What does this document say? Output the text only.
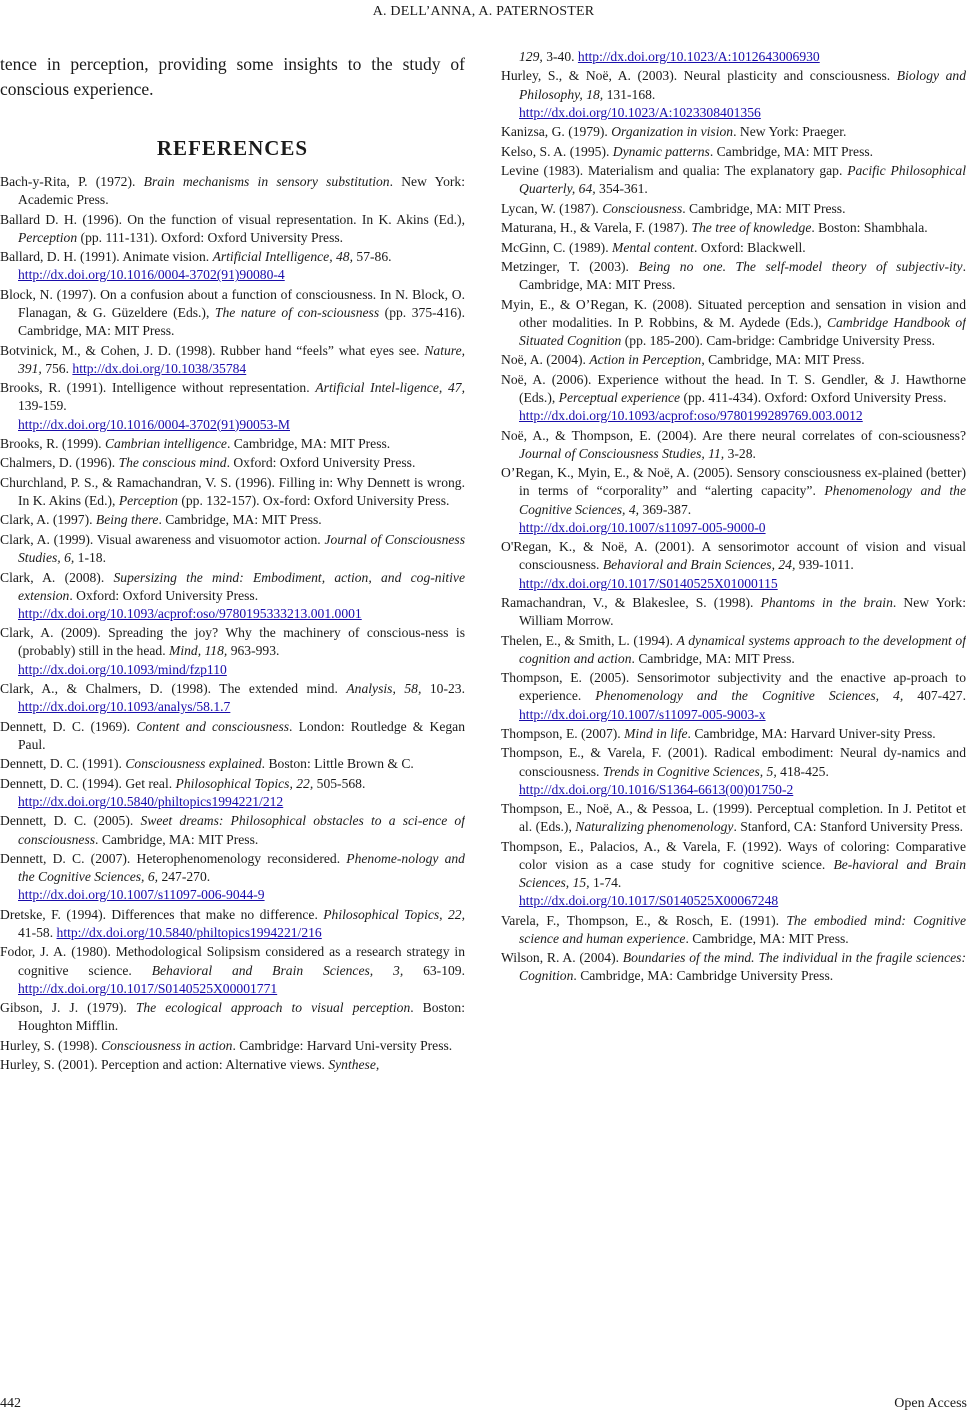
A. DELL’ANNA, A. PATERNOSTER

tence in perception, providing some insights to the study of conscious experience.

REFERENCES

Bach-y-Rita, P. (1972). Brain mechanisms in sensory substitution. New York: Academic Press.

Ballard D. H. (1996). On the function of visual representation. In K. Akins (Ed.), Perception (pp. 111-131). Oxford: Oxford University Press.

Ballard, D. H. (1991). Animate vision. Artificial Intelligence, 48, 57-86.
http://dx.doi.org/10.1016/0004-3702(91)90080-4

Block, N. (1997). On a confusion about a function of consciousness. In N. Block, O. Flanagan, & G. Güzeldere (Eds.), The nature of con-sciousness (pp. 375-416). Cambridge, MA: MIT Press.

Botvinick, M., & Cohen, J. D. (1998). Rubber hand “feels” what eyes see. Nature, 391, 756. http://dx.doi.org/10.1038/35784

Brooks, R. (1991). Intelligence without representation. Artificial Intel-ligence, 47, 139-159.
http://dx.doi.org/10.1016/0004-3702(91)90053-M

Brooks, R. (1999). Cambrian intelligence. Cambridge, MA: MIT Press.

Chalmers, D. (1996). The conscious mind. Oxford: Oxford University Press.

Churchland, P. S., & Ramachandran, V. S. (1996). Filling in: Why Dennett is wrong. In K. Akins (Ed.), Perception (pp. 132-157). Ox-ford: Oxford University Press.

Clark, A. (1997). Being there. Cambridge, MA: MIT Press.

Clark, A. (1999). Visual awareness and visuomotor action. Journal of Consciousness Studies, 6, 1-18.

Clark, A. (2008). Supersizing the mind: Embodiment, action, and cog-nitive extension. Oxford: Oxford University Press.
http://dx.doi.org/10.1093/acprof:oso/9780195333213.001.0001

Clark, A. (2009). Spreading the joy? Why the machinery of conscious-ness is (probably) still in the head. Mind, 118, 963-993.
http://dx.doi.org/10.1093/mind/fzp110

Clark, A., & Chalmers, D. (1998). The extended mind. Analysis, 58, 10-23. http://dx.doi.org/10.1093/analys/58.1.7

Dennett, D. C. (1969). Content and consciousness. London: Routledge & Kegan Paul.

Dennett, D. C. (1991). Consciousness explained. Boston: Little Brown & C.

Dennett, D. C. (1994). Get real. Philosophical Topics, 22, 505-568.
http://dx.doi.org/10.5840/philtopics1994221/212

Dennett, D. C. (2005). Sweet dreams: Philosophical obstacles to a sci-ence of consciousness. Cambridge, MA: MIT Press.

Dennett, D. C. (2007). Heterophenomenology reconsidered. Phenome-nology and the Cognitive Sciences, 6, 247-270.
http://dx.doi.org/10.1007/s11097-006-9044-9

Dretske, F. (1994). Differences that make no difference. Philosophical Topics, 22, 41-58. http://dx.doi.org/10.5840/philtopics1994221/216

Fodor, J. A. (1980). Methodological Solipsism considered as a research strategy in cognitive science. Behavioral and Brain Sciences, 3, 63-109. http://dx.doi.org/10.1017/S0140525X00001771

Gibson, J. J. (1979). The ecological approach to visual perception. Boston: Houghton Mifflin.

Hurley, S. (1998). Consciousness in action. Cambridge: Harvard Uni-versity Press.

Hurley, S. (2001). Perception and action: Alternative views. Synthese,

129, 3-40. http://dx.doi.org/10.1023/A:1012643006930

Hurley, S., & Noë, A. (2003). Neural plasticity and consciousness. Biology and Philosophy, 18, 131-168.
http://dx.doi.org/10.1023/A:1023308401356

Kanizsa, G. (1979). Organization in vision. New York: Praeger.

Kelso, S. A. (1995). Dynamic patterns. Cambridge, MA: MIT Press.

Levine (1983). Materialism and qualia: The explanatory gap. Pacific Philosophical Quarterly, 64, 354-361.

Lycan, W. (1987). Consciousness. Cambridge, MA: MIT Press.

Maturana, H., & Varela, F. (1987). The tree of knowledge. Boston: Shambhala.

McGinn, C. (1989). Mental content. Oxford: Blackwell.

Metzinger, T. (2003). Being no one. The self-model theory of subjectiv-ity. Cambridge, MA: MIT Press.

Myin, E., & O’Regan, K. (2008). Situated perception and sensation in vision and other modalities. In P. Robbins, & M. Aydede (Eds.), Cambridge Handbook of Situated Cognition (pp. 185-200). Cam-bridge: Cambridge University Press.

Noë, A. (2004). Action in Perception, Cambridge, MA: MIT Press.

Noë, A. (2006). Experience without the head. In T. S. Gendler, & J. Hawthorne (Eds.), Perceptual experience (pp. 411-434). Oxford: Oxford University Press.
http://dx.doi.org/10.1093/acprof:oso/9780199289769.003.0012

Noë, A., & Thompson, E. (2004). Are there neural correlates of con-sciousness? Journal of Consciousness Studies, 11, 3-28.

O’Regan, K., Myin, E., & Noë, A. (2005). Sensory consciousness ex-plained (better) in terms of “corporality” and “alerting capacity”. Phenomenology and the Cognitive Sciences, 4, 369-387.
http://dx.doi.org/10.1007/s11097-005-9000-0

O'Regan, K., & Noë, A. (2001). A sensorimotor account of vision and visual consciousness. Behavioral and Brain Sciences, 24, 939-1011.
http://dx.doi.org/10.1017/S0140525X01000115

Ramachandran, V., & Blakeslee, S. (1998). Phantoms in the brain. New York: William Morrow.

Thelen, E., & Smith, L. (1994). A dynamical systems approach to the development of cognition and action. Cambridge, MA: MIT Press.

Thompson, E. (2005). Sensorimotor subjectivity and the enactive ap-proach to experience. Phenomenology and the Cognitive Sciences, 4, 407-427. http://dx.doi.org/10.1007/s11097-005-9003-x

Thompson, E. (2007). Mind in life. Cambridge, MA: Harvard Univer-sity Press.

Thompson, E., & Varela, F. (2001). Radical embodiment: Neural dy-namics and consciousness. Trends in Cognitive Sciences, 5, 418-425.
http://dx.doi.org/10.1016/S1364-6613(00)01750-2

Thompson, E., Noë, A., & Pessoa, L. (1999). Perceptual completion. In J. Petitot et al. (Eds.), Naturalizing phenomenology. Stanford, CA: Stanford University Press.

Thompson, E., Palacios, A., & Varela, F. (1992). Ways of coloring: Comparative color vision as a case study for cognitive science. Be-havioral and Brain Sciences, 15, 1-74.
http://dx.doi.org/10.1017/S0140525X00067248

Varela, F., Thompson, E., & Rosch, E. (1991). The embodied mind: Cognitive science and human experience. Cambridge, MA: MIT Press.

Wilson, R. A. (2004). Boundaries of the mind. The individual in the fragile sciences: Cognition. Cambridge, MA: Cambridge University Press.

442	Open Access
